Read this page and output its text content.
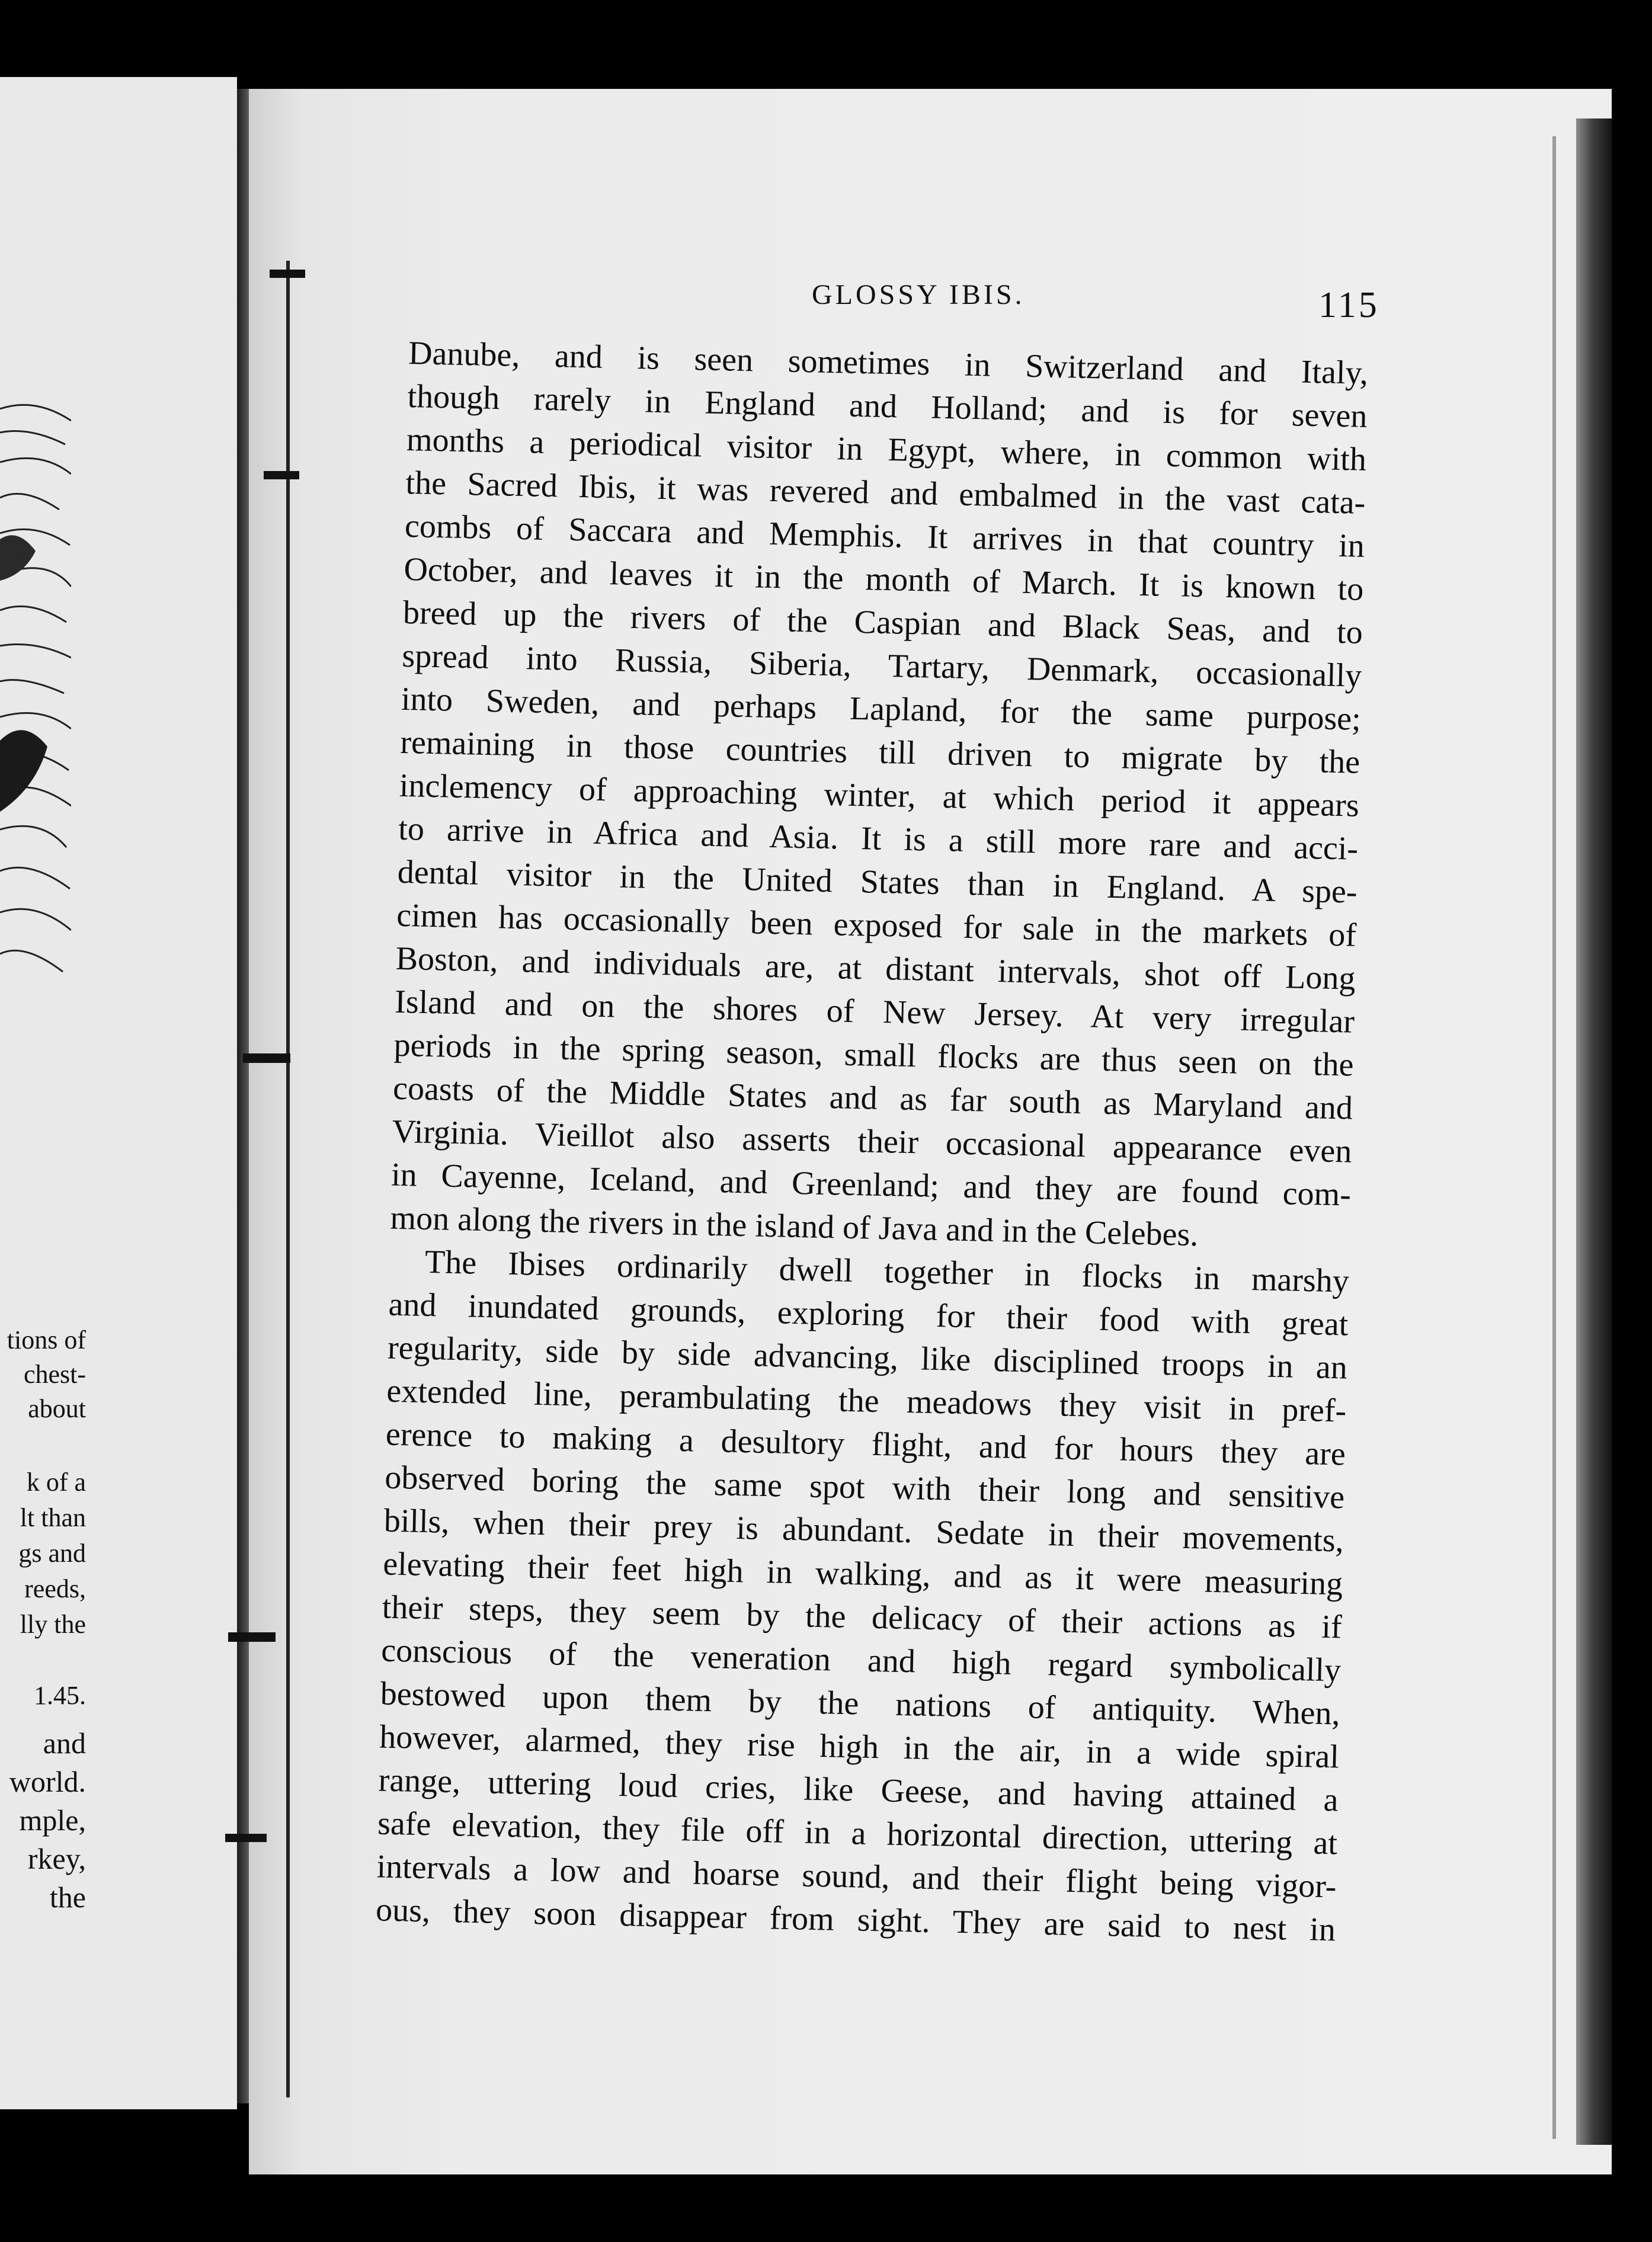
tions of
chest-
about
k of a
lt than
gs and
reeds,
lly the
1.45.
and
world.
mple,
rkey,
the
GLOSSY IBIS.	115
Danube, and is seen sometimes in Switzerland and Italy,
though rarely in England and Holland; and is for seven
months a periodical visitor in Egypt, where, in common with
the Sacred Ibis, it was revered and embalmed in the vast cata-
combs of Saccara and Memphis. It arrives in that country in
October, and leaves it in the month of March. It is known to
breed up the rivers of the Caspian and Black Seas, and to
spread into Russia, Siberia, Tartary, Denmark, occasionally
into Sweden, and perhaps Lapland, for the same purpose;
remaining in those countries till driven to migrate by the
inclemency of approaching winter, at which period it appears
to arrive in Africa and Asia. It is a still more rare and acci-
dental visitor in the United States than in England. A spe-
cimen has occasionally been exposed for sale in the markets of
Boston, and individuals are, at distant intervals, shot off Long
Island and on the shores of New Jersey. At very irregular
periods in the spring season, small flocks are thus seen on the
coasts of the Middle States and as far south as Maryland and
Virginia. Vieillot also asserts their occasional appearance even
in Cayenne, Iceland, and Greenland; and they are found com-
mon along the rivers in the island of Java and in the Celebes.
The Ibises ordinarily dwell together in flocks in marshy
and inundated grounds, exploring for their food with great
regularity, side by side advancing, like disciplined troops in an
extended line, perambulating the meadows they visit in pref-
erence to making a desultory flight, and for hours they are
observed boring the same spot with their long and sensitive
bills, when their prey is abundant. Sedate in their movements,
elevating their feet high in walking, and as it were measuring
their steps, they seem by the delicacy of their actions as if
conscious of the veneration and high regard symbolically
bestowed upon them by the nations of antiquity. When,
however, alarmed, they rise high in the air, in a wide spiral
range, uttering loud cries, like Geese, and having attained a
safe elevation, they file off in a horizontal direction, uttering at
intervals a low and hoarse sound, and their flight being vigor-
ous, they soon disappear from sight. They are said to nest in
